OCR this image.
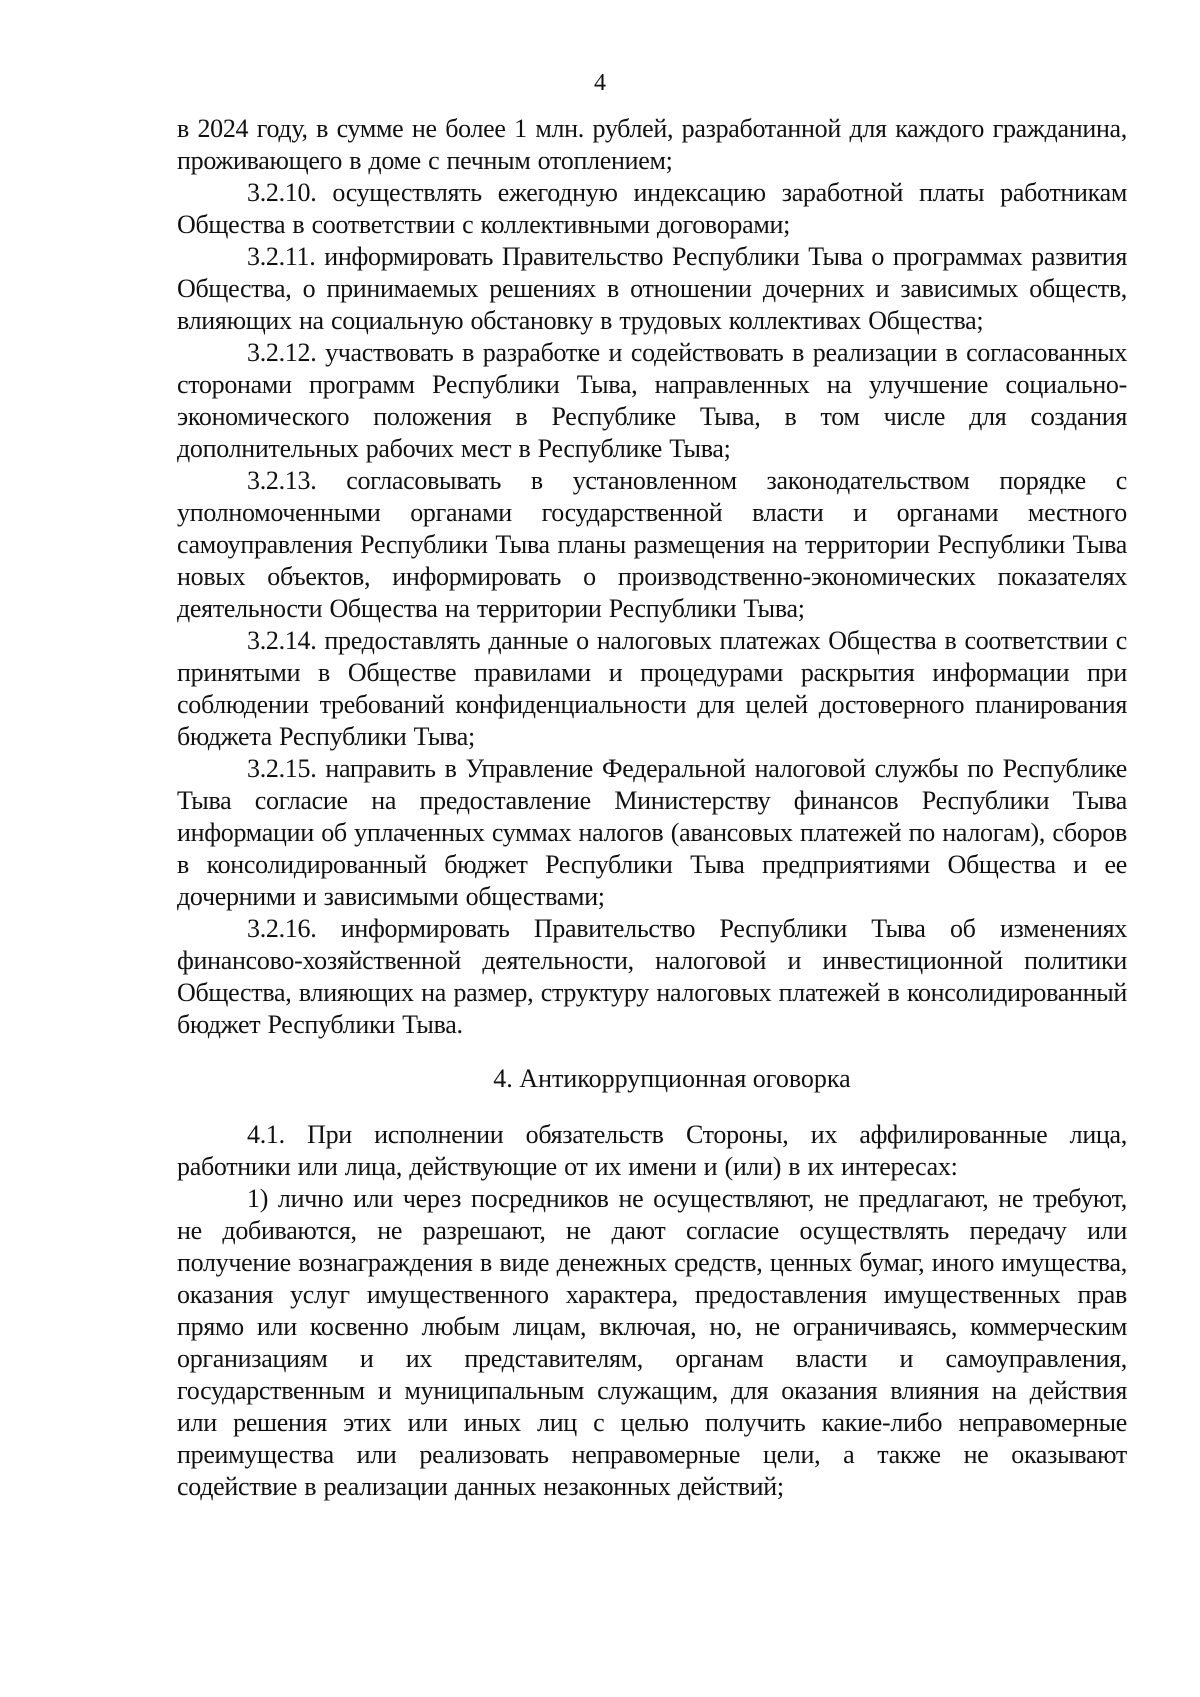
4

в 2024 году, в сумме не более 1 млн. рублей, разработанной для каждого гражданина, проживающего в доме с печным отоплением;

3.2.10. осуществлять ежегодную индексацию заработной платы работникам Общества в соответствии с коллективными договорами;

3.2.11. информировать Правительство Республики Тыва о программах развития Общества, о принимаемых решениях в отношении дочерних и зависимых обществ, влияющих на социальную обстановку в трудовых коллективах Общества;

3.2.12. участвовать в разработке и содействовать в реализации в согласованных сторонами программ Республики Тыва, направленных на улучшение социально-экономического положения в Республике Тыва, в том числе для создания дополнительных рабочих мест в Республике Тыва;

3.2.13. согласовывать в установленном законодательством порядке с уполномоченными органами государственной власти и органами местного самоуправления Республики Тыва планы размещения на территории Республики Тыва новых объектов, информировать о производственно-экономических показателях деятельности Общества на территории Республики Тыва;

3.2.14. предоставлять данные о налоговых платежах Общества в соответствии с принятыми в Обществе правилами и процедурами раскрытия информации при соблюдении требований конфиденциальности для целей достоверного планирования бюджета Республики Тыва;

3.2.15. направить в Управление Федеральной налоговой службы по Республике Тыва согласие на предоставление Министерству финансов Республики Тыва информации об уплаченных суммах налогов (авансовых платежей по налогам), сборов в консолидированный бюджет Республики Тыва предприятиями Общества и ее дочерними и зависимыми обществами;

3.2.16. информировать Правительство Республики Тыва об изменениях финансово-хозяйственной деятельности, налоговой и инвестиционной политики Общества, влияющих на размер, структуру налоговых платежей в консолидированный бюджет Республики Тыва.

4. Антикоррупционная оговорка

4.1. При исполнении обязательств Стороны, их аффилированные лица, работники или лица, действующие от их имени и (или) в их интересах:

1) лично или через посредников не осуществляют, не предлагают, не требуют, не добиваются, не разрешают, не дают согласие осуществлять передачу или получение вознаграждения в виде денежных средств, ценных бумаг, иного имущества, оказания услуг имущественного характера, предоставления имущественных прав прямо или косвенно любым лицам, включая, но, не ограничиваясь, коммерческим организациям и их представителям, органам власти и самоуправления, государственным и муниципальным служащим, для оказания влияния на действия или решения этих или иных лиц с целью получить какие-либо неправомерные преимущества или реализовать неправомерные цели, а также не оказывают содействие в реализации данных незаконных действий;
